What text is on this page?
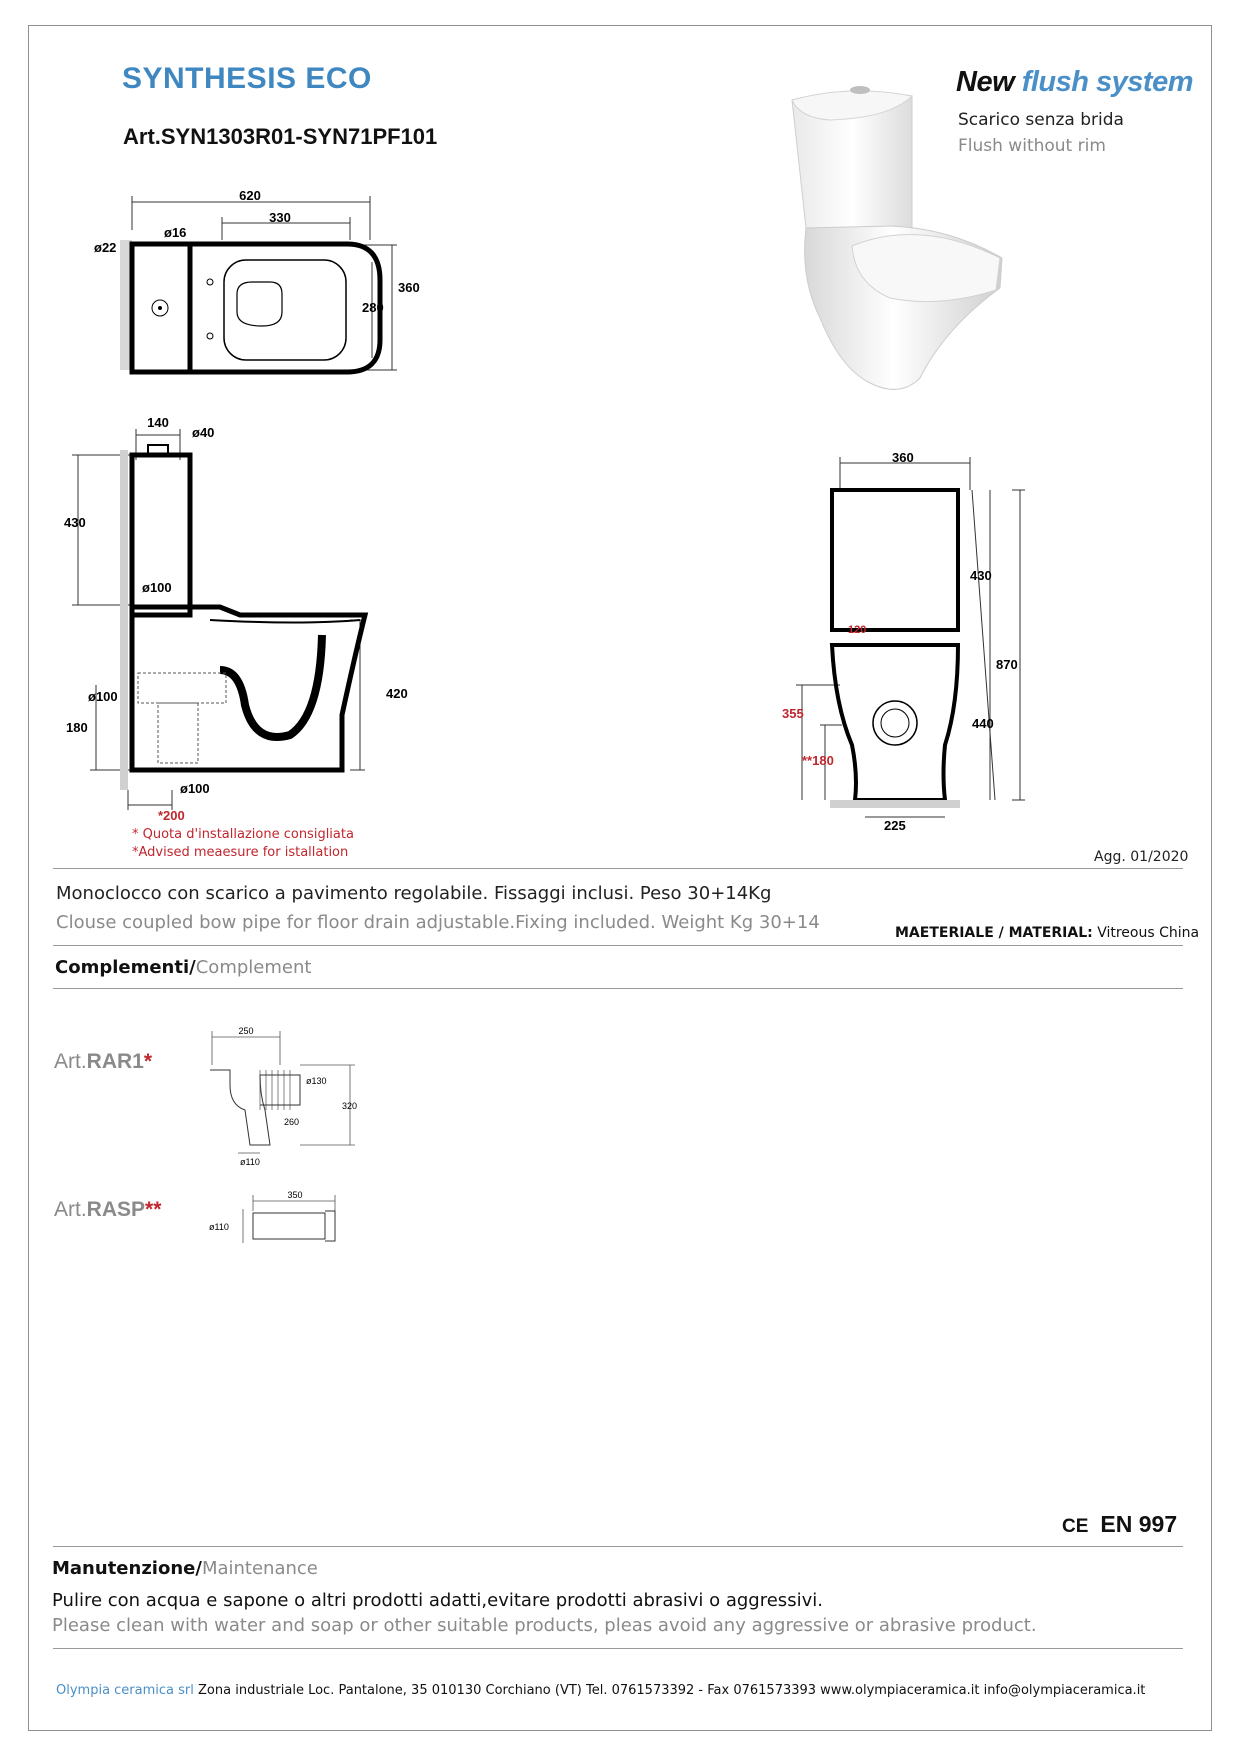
SYNTHESIS ECO
Art.SYN1303R01-SYN71PF101
New flush system
Scarico senza brida
Flush without rim
620
330
ø16
ø22
360
280
140
ø40
430
ø100
ø100
180
420
ø100
*200
* Quota d'installazione consigliata
*Advised meaesure for istallation
360
430
120
870
355
440
**180
225
Agg. 01/2020
Monoclocco con scarico a pavimento regolabile. Fissaggi inclusi. Peso 30+14Kg
Clouse coupled bow pipe for floor drain adjustable.Fixing included. Weight Kg 30+14	MAETERIALE / MATERIAL: Vitreous China
Complementi/Complement
Art.RAR1*
250
ø130
260
320
ø110
Art.RASP**
350
ø110
CE EN 997
Manutenzione/Maintenance
Pulire con acqua e sapone o altri prodotti adatti,evitare prodotti abrasivi o aggressivi.
Please clean with water and soap or other suitable products, pleas avoid any aggressive or abrasive product.
Olympia ceramica srl Zona industriale Loc. Pantalone, 35 010130 Corchiano (VT) Tel. 0761573392 - Fax 0761573393 www.olympiaceramica.it info@olympiaceramica.it
